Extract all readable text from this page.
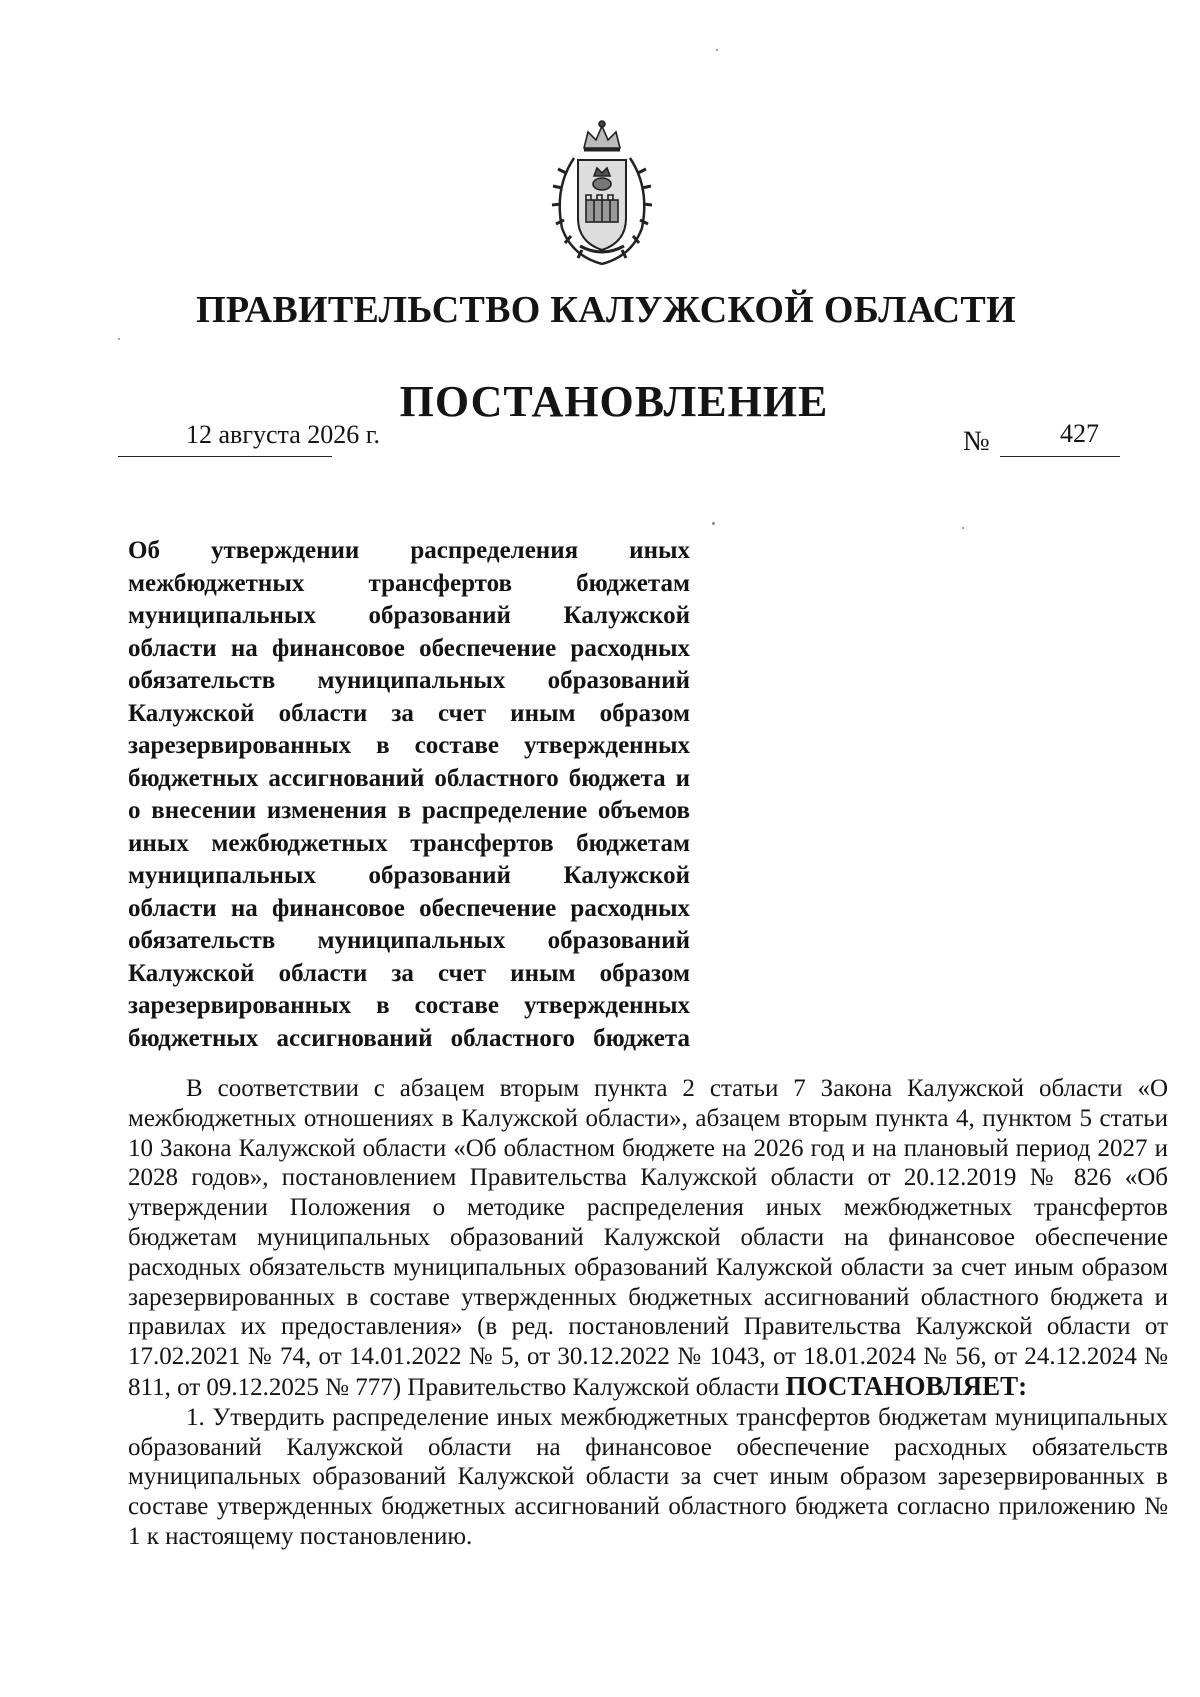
ПРАВИТЕЛЬСТВО КАЛУЖСКОЙ ОБЛАСТИ
ПОСТАНОВЛЕНИЕ
12 августа 2026 г.	№	427
Об утверждении распределения иных межбюджетных трансфертов бюджетам муниципальных образований Калужской области на финансовое обеспечение расходных обязательств муниципальных образований Калужской области за счет иным образом зарезервированных в составе утвержденных бюджетных ассигнований областного бюджета и о внесении изменения в распределение объемов иных межбюджетных трансфертов бюджетам муниципальных образований Калужской области на финансовое обеспечение расходных обязательств муниципальных образований Калужской области за счет иным образом зарезервированных в составе утвержденных бюджетных ассигнований областного бюджета

В соответствии с абзацем вторым пункта 2 статьи 7 Закона Калужской области «О межбюджетных отношениях в Калужской области», абзацем вторым пункта 4, пунктом 5 статьи 10 Закона Калужской области «Об областном бюджете на 2026 год и на плановый период 2027 и 2028 годов», постановлением Правительства Калужской области от 20.12.2019 № 826 «Об утверждении Положения о методике распределения иных межбюджетных трансфертов бюджетам муниципальных образований Калужской области на финансовое обеспечение расходных обязательств муниципальных образований Калужской области за счет иным образом зарезервированных в составе утвержденных бюджетных ассигнований областного бюджета и правилах их предоставления» (в ред. постановлений Правительства Калужской области от 17.02.2021 № 74, от 14.01.2022 № 5, от 30.12.2022 № 1043, от 18.01.2024 № 56, от 24.12.2024 № 811, от 09.12.2025 № 777) Правительство Калужской области ПОСТАНОВЛЯЕТ:

1. Утвердить распределение иных межбюджетных трансфертов бюджетам муниципальных образований Калужской области на финансовое обеспечение расходных обязательств муниципальных образований Калужской области за счет иным образом зарезервированных в составе утвержденных бюджетных ассигнований областного бюджета согласно приложению № 1 к настоящему постановлению.
